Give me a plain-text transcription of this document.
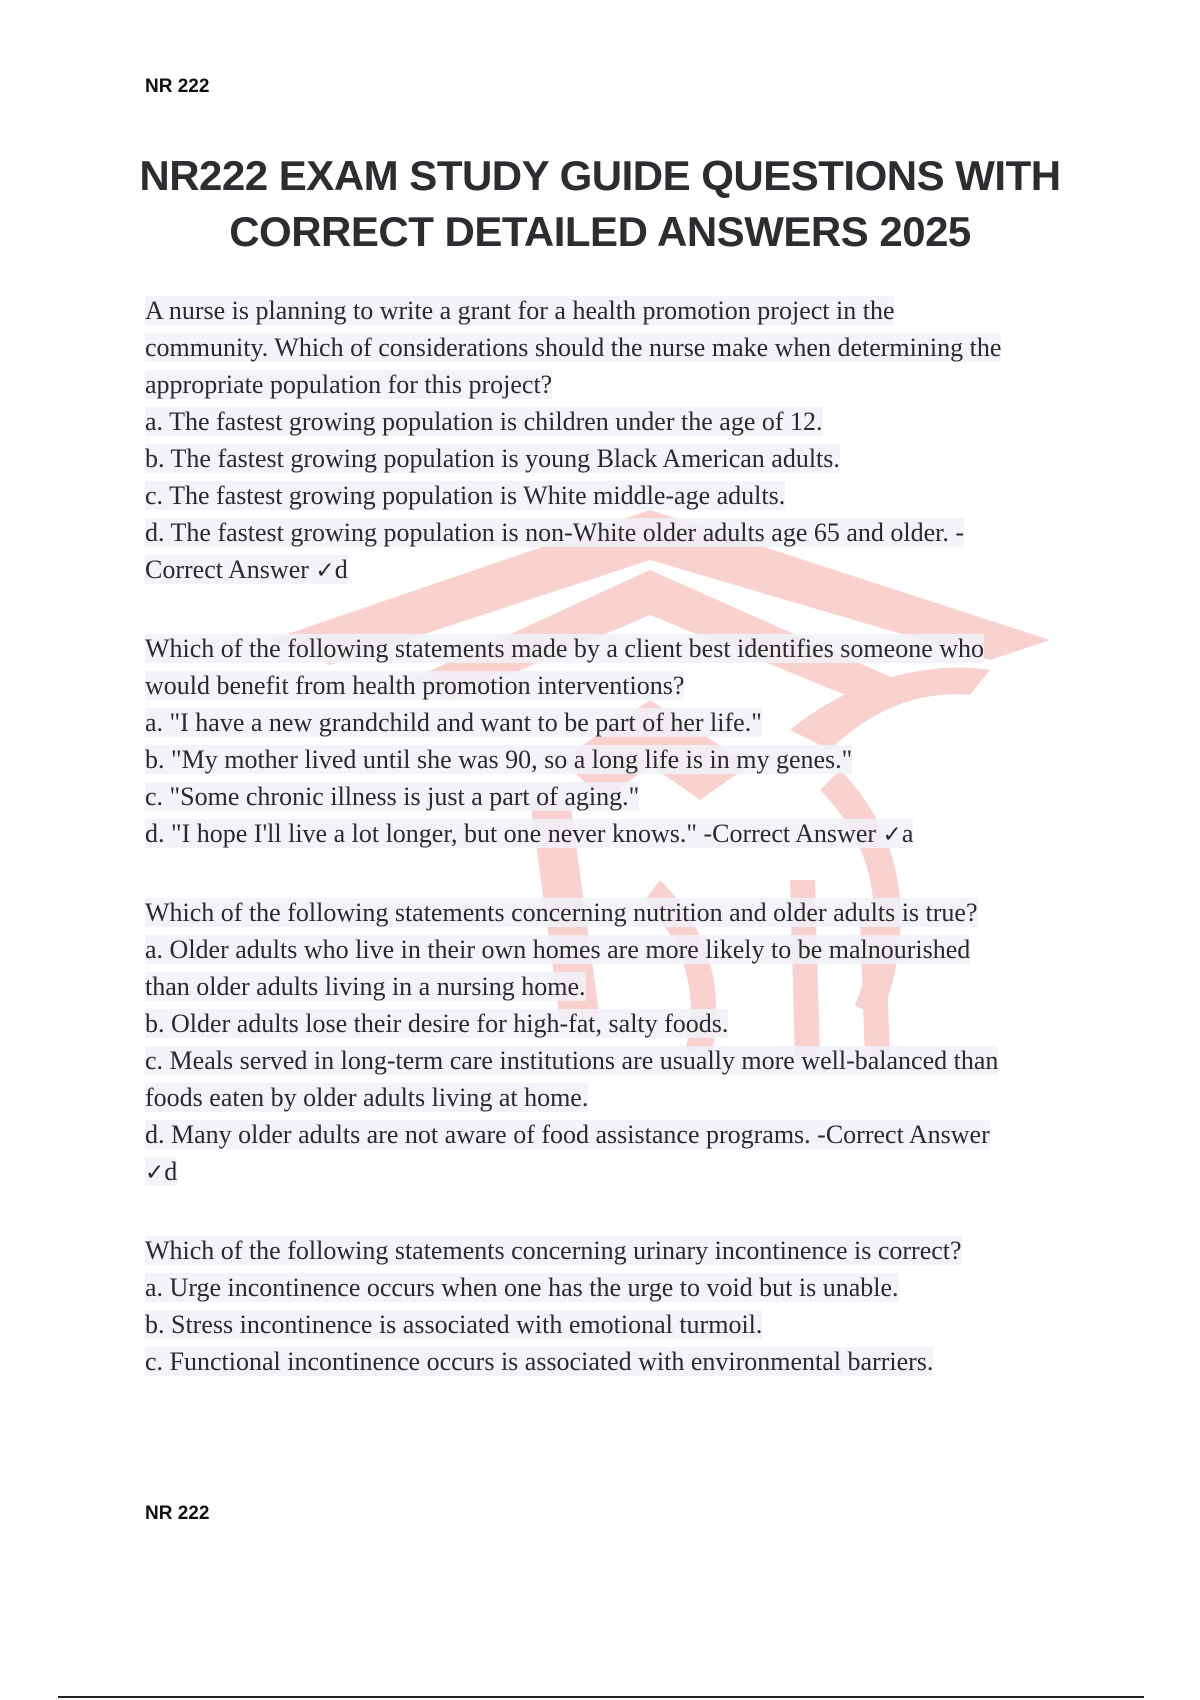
NR 222
NR222 EXAM STUDY GUIDE QUESTIONS WITH
CORRECT DETAILED ANSWERS 2025
A nurse is planning to write a grant for a health promotion project in the
community. Which of considerations should the nurse make when determining the
appropriate population for this project?
a. The fastest growing population is children under the age of 12.
b. The fastest growing population is young Black American adults.
c. The fastest growing population is White middle-age adults.
d. The fastest growing population is non-White older adults age 65 and older. -
Correct Answer ✓d
Which of the following statements made by a client best identifies someone who
would benefit from health promotion interventions?
a. "I have a new grandchild and want to be part of her life."
b. "My mother lived until she was 90, so a long life is in my genes."
c. "Some chronic illness is just a part of aging."
d. "I hope I'll live a lot longer, but one never knows." -Correct Answer ✓a
Which of the following statements concerning nutrition and older adults is true?
a. Older adults who live in their own homes are more likely to be malnourished
than older adults living in a nursing home.
b. Older adults lose their desire for high-fat, salty foods.
c. Meals served in long-term care institutions are usually more well-balanced than
foods eaten by older adults living at home.
d. Many older adults are not aware of food assistance programs. -Correct Answer
✓d
Which of the following statements concerning urinary incontinence is correct?
a. Urge incontinence occurs when one has the urge to void but is unable.
b. Stress incontinence is associated with emotional turmoil.
c. Functional incontinence occurs is associated with environmental barriers.
NR 222
